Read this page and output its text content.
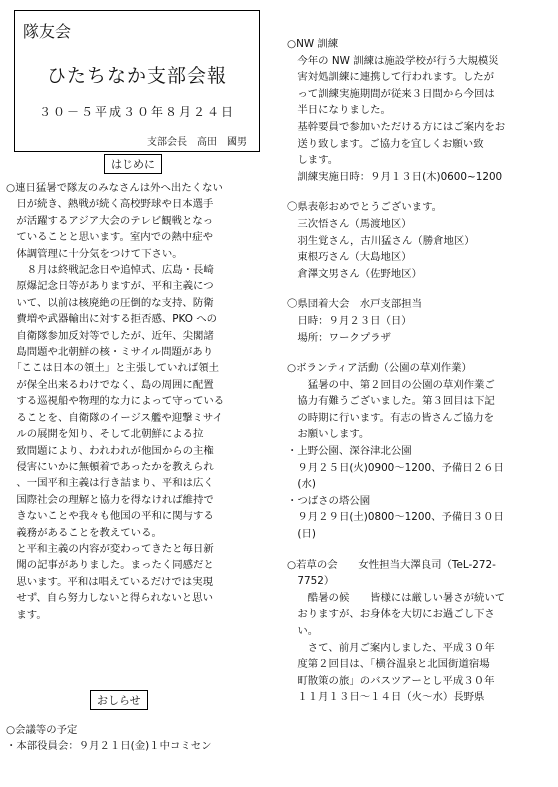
隊友会
ひたちなか支部会報
３０－５平成３０年８月２４日
支部会長　高田　國男
はじめに
○連日猛暑で隊友のみなさんは外へ出たくない
　日が続き、熱戦が続く高校野球や日本選手
　が活躍するアジア大会のテレビ観戦となっ
　ていることと思います。室内での熱中症や
　体調管理に十分気をつけて下さい。
　　８月は終戦記念日や追悼式、広島・長崎
　原爆記念日等がありますが、平和主義につ
　いて、以前は核廃絶の圧倒的な支持、防衛
　費増や武器輸出に対する拒否感、PKO への
　自衛隊参加反対等でしたが、近年、尖閣諸
　島問題や北朝鮮の核・ミサイル問題があり
　「ここは日本の領土」と主張していれば領土
　が保全出来るわけでなく、島の周囲に配置
　する巡視船や物理的な力によって守っている
　ることを、自衛隊のイージス艦や迎撃ミサイ
　ルの展開を知り、そして北朝鮮による拉
　致問題により、われわれが他国からの主権
　侵害にいかに無頓着であったかを教えられ
　、一国平和主義は行き詰まり、平和は広く
　国際社会の理解と協力を得なければ維持で
　きないことや我々も他国の平和に関与する
　義務があることを教えている。
　と平和主義の内容が変わってきたと毎日新
　聞の記事がありました。まったく同感だと
　思います。平和は唱えているだけでは実現
　せず、自ら努力しないと得られないと思い
　ます。
おしらせ
○会議等の予定
・本部役員会：９月２１日(金)１中コミセン

○NW 訓練
　今年の NW 訓練は施設学校が行う大規模災
　害対処訓練に連携して行われます。したが
　って訓練実施期間が従来３日間から今回は
　半日になりました。
　基幹要員で参加いただける方にはご案内をお
　送り致します。ご協力を宜しくお願い致
　します。
　訓練実施日時：９月１３日(木)0600~1200

〇県表彰おめでとうございます。
　三次悟さん（馬渡地区）
　羽生覚さん，古川猛さん（勝倉地区）
　東根巧さん（大島地区）
　倉澤文男さん（佐野地区）

〇県団着大会　水戸支部担当
　日時：９月２３日（日）
　場所：ワークプラザ

○ボランティア活動（公園の草刈作業）
　　猛暑の中、第２回目の公園の草刈作業ご
　協力有難うございました。第３回目は下記
　の時期に行います。有志の皆さんご協力を
　お願いします。
・上野公園、深谷津北公園
　９月２５日(火)0900～1200、予備日２６日
　(水)
・つばさの塔公園
　９月２９日(土)0800～1200、予備日３０日
　(日)

○若草の会　　女性担当大澤良司（TeL-272-
　7752）
　　酷暑の候　　皆様には厳しい暑さが続いて
　おりますが、お身体を大切にお過ごし下さ
　い。
　　さて、前月ご案内しました、平成３０年
　度第２回目は、「横谷温泉と北国街道宿場
　町散策の旅」のバスツアーとし平成３０年
　１１月１３日～１４日（火～水）長野県
